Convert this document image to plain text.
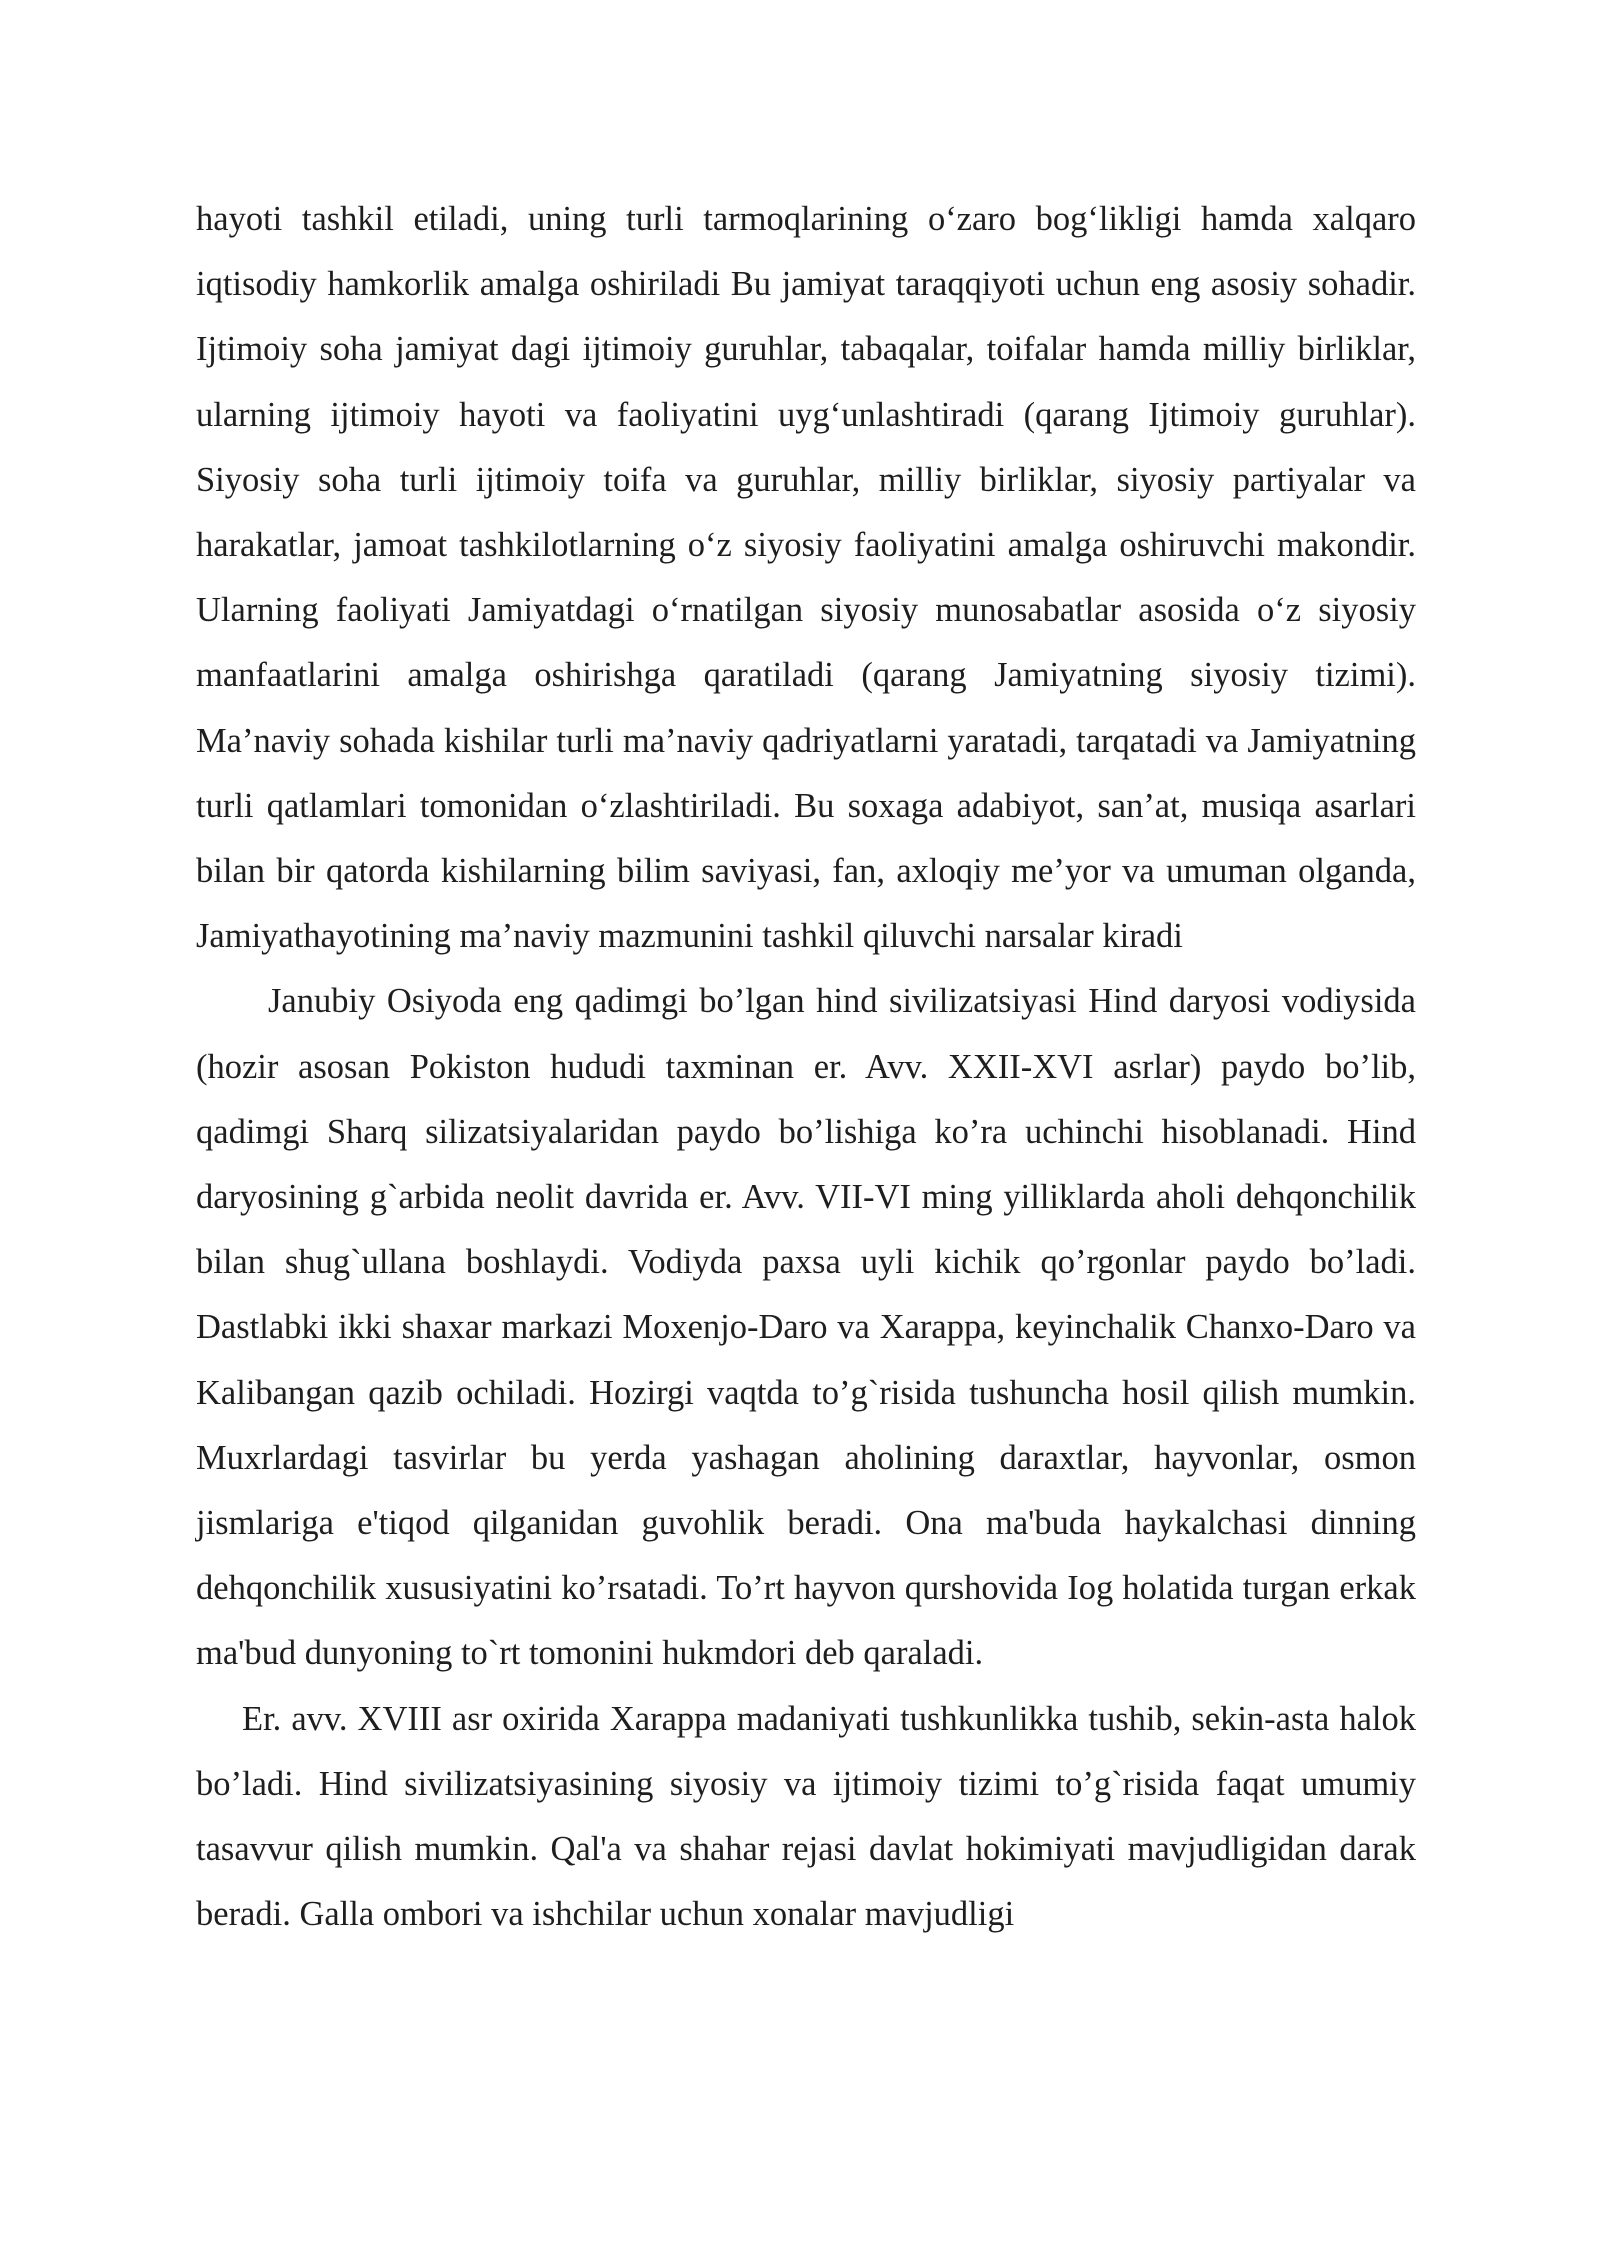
hayoti tashkil etiladi, uning turli tarmoqlarining o‘zaro bog‘likligi hamda xalqaro iqtisodiy hamkorlik amalga oshiriladi Bu jamiyat taraqqiyoti uchun eng asosiy sohadir. Ijtimoiy soha jamiyat dagi ijtimoiy guruhlar, tabaqalar, toifalar hamda milliy birliklar, ularning ijtimoiy hayoti va faoliyatini uyg‘unlashtiradi (qarang Ijtimoiy guruhlar). Siyosiy soha turli ijtimoiy toifa va guruhlar, milliy birliklar, siyosiy partiyalar va harakatlar, jamoat tashkilotlarning o‘z siyosiy faoliyatini amalga oshiruvchi makondir. Ularning faoliyati Jamiyatdagi o‘rnatilgan siyosiy munosabatlar asosida o‘z siyosiy manfaatlarini amalga oshirishga qaratiladi (qarang Jamiyatning siyosiy tizimi). Ma’naviy sohada kishilar turli ma’naviy qadriyatlarni yaratadi, tarqatadi va Jamiyatning turli qatlamlari tomonidan o‘zlashtiriladi. Bu soxaga adabiyot, san’at, musiqa asarlari bilan bir qatorda kishilarning bilim saviyasi, fan, axloqiy me’yor va umuman olganda, Jamiyathayotining ma’naviy mazmunini tashkil qiluvchi narsalar kiradi

Janubiy Osiyoda eng qadimgi bo’lgan hind sivilizatsiyasi Hind daryosi vodiysida (hozir asosan Pokiston hududi taxminan er. Avv. XXII-XVI asrlar) paydo bo’lib, qadimgi Sharq silizatsiyalaridan paydo bo’lishiga ko’ra uchinchi hisoblanadi. Hind daryosining g`arbida neolit davrida er. Avv. VII-VI ming yilliklarda aholi dehqonchilik bilan shug`ullana boshlaydi. Vodiyda paxsa uyli kichik qo’rgonlar paydo bo’ladi. Dastlabki ikki shaxar markazi Moxenjo-Daro va Xarappa, keyinchalik Chanxo-Daro va Kalibangan qazib ochiladi. Hozirgi vaqtda to’g`risida tushuncha hosil qilish mumkin. Muxrlardagi tasvirlar bu yerda yashagan aholining daraxtlar, hayvonlar, osmon jismlariga e'tiqod qilganidan guvohlik beradi. Ona ma'buda haykalchasi dinning dehqonchilik xususiyatini ko’rsatadi. To’rt hayvon qurshovida Iog holatida turgan erkak ma'bud dunyoning to`rt tomonini hukmdori deb qaraladi.

Er. avv. XVIII asr oxirida Xarappa madaniyati tushkunlikka tushib, sekin-asta halok bo’ladi. Hind sivilizatsiyasining siyosiy va ijtimoiy tizimi to’g`risida faqat umumiy tasavvur qilish mumkin. Qal'a va shahar rejasi davlat hokimiyati mavjudligidan darak beradi. Galla ombori va ishchilar uchun xonalar mavjudligi
